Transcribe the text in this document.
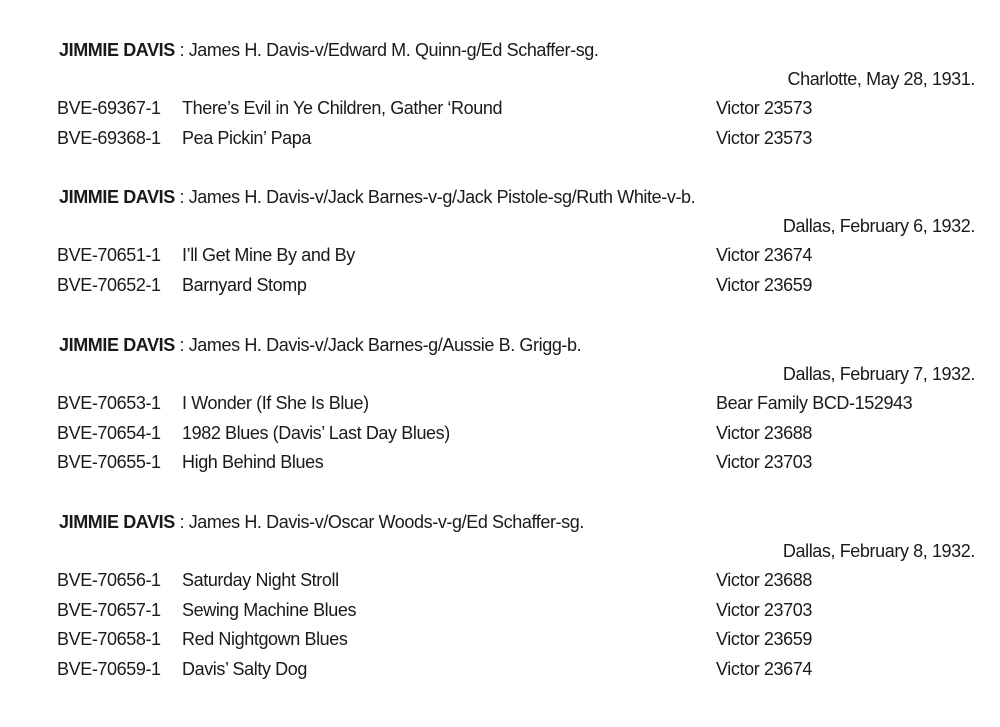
JIMMIE DAVIS : James H. Davis-v/Edward M. Quinn-g/Ed Schaffer-sg.
Charlotte, May 28, 1931.
BVE-69367-1 There’s Evil in Ye Children, Gather ‘Round	Victor 23573
BVE-69368-1 Pea Pickin’ Papa	Victor 23573
JIMMIE DAVIS : James H. Davis-v/Jack Barnes-v-g/Jack Pistole-sg/Ruth White-v-b.
Dallas, February 6, 1932.
BVE-70651-1 I’ll Get Mine By and By	Victor 23674
BVE-70652-1 Barnyard Stomp	Victor 23659
JIMMIE DAVIS : James H. Davis-v/Jack Barnes-g/Aussie B. Grigg-b.
Dallas, February 7, 1932.
BVE-70653-1 I Wonder (If She Is Blue)	Bear Family BCD-152943
BVE-70654-1 1982 Blues (Davis’ Last Day Blues)	Victor 23688
BVE-70655-1 High Behind Blues	Victor 23703
JIMMIE DAVIS : James H. Davis-v/Oscar Woods-v-g/Ed Schaffer-sg.
Dallas, February 8, 1932.
BVE-70656-1 Saturday Night Stroll	Victor 23688
BVE-70657-1 Sewing Machine Blues	Victor 23703
BVE-70658-1 Red Nightgown Blues	Victor 23659
BVE-70659-1 Davis’ Salty Dog	Victor 23674
